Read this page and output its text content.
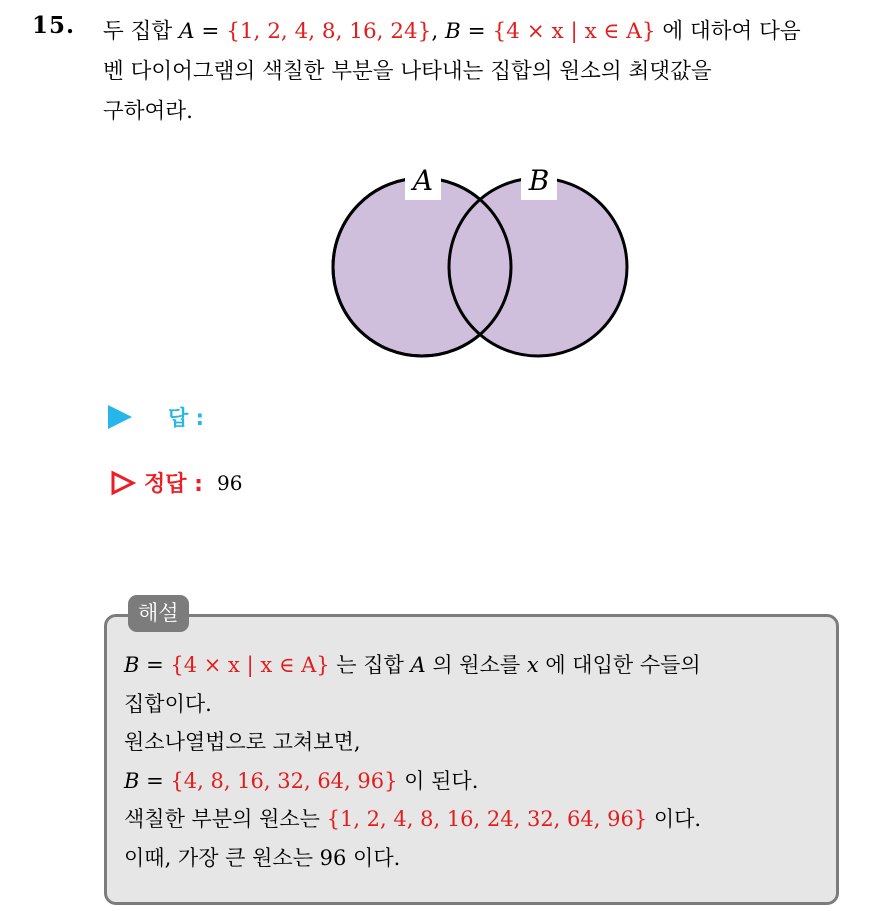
15. 두 집합 A = {1, 2, 4, 8, 16, 24}, B = {4 × x | x ∈ A} 에 대하여 다음
벤 다이어그램의 색칠한 부분을 나타내는 집합의 원소의 최댓값을
구하여라.
A	B
답 :
정답 : 96
해설
B = {4 × x | x ∈ A} 는 집합 A 의 원소를 x 에 대입한 수들의
집합이다.
원소나열법으로 고쳐보면,
B = {4, 8, 16, 32, 64, 96} 이 된다.
색칠한 부분의 원소는 {1, 2, 4, 8, 16, 24, 32, 64, 96} 이다.
이때, 가장 큰 원소는 96 이다.
